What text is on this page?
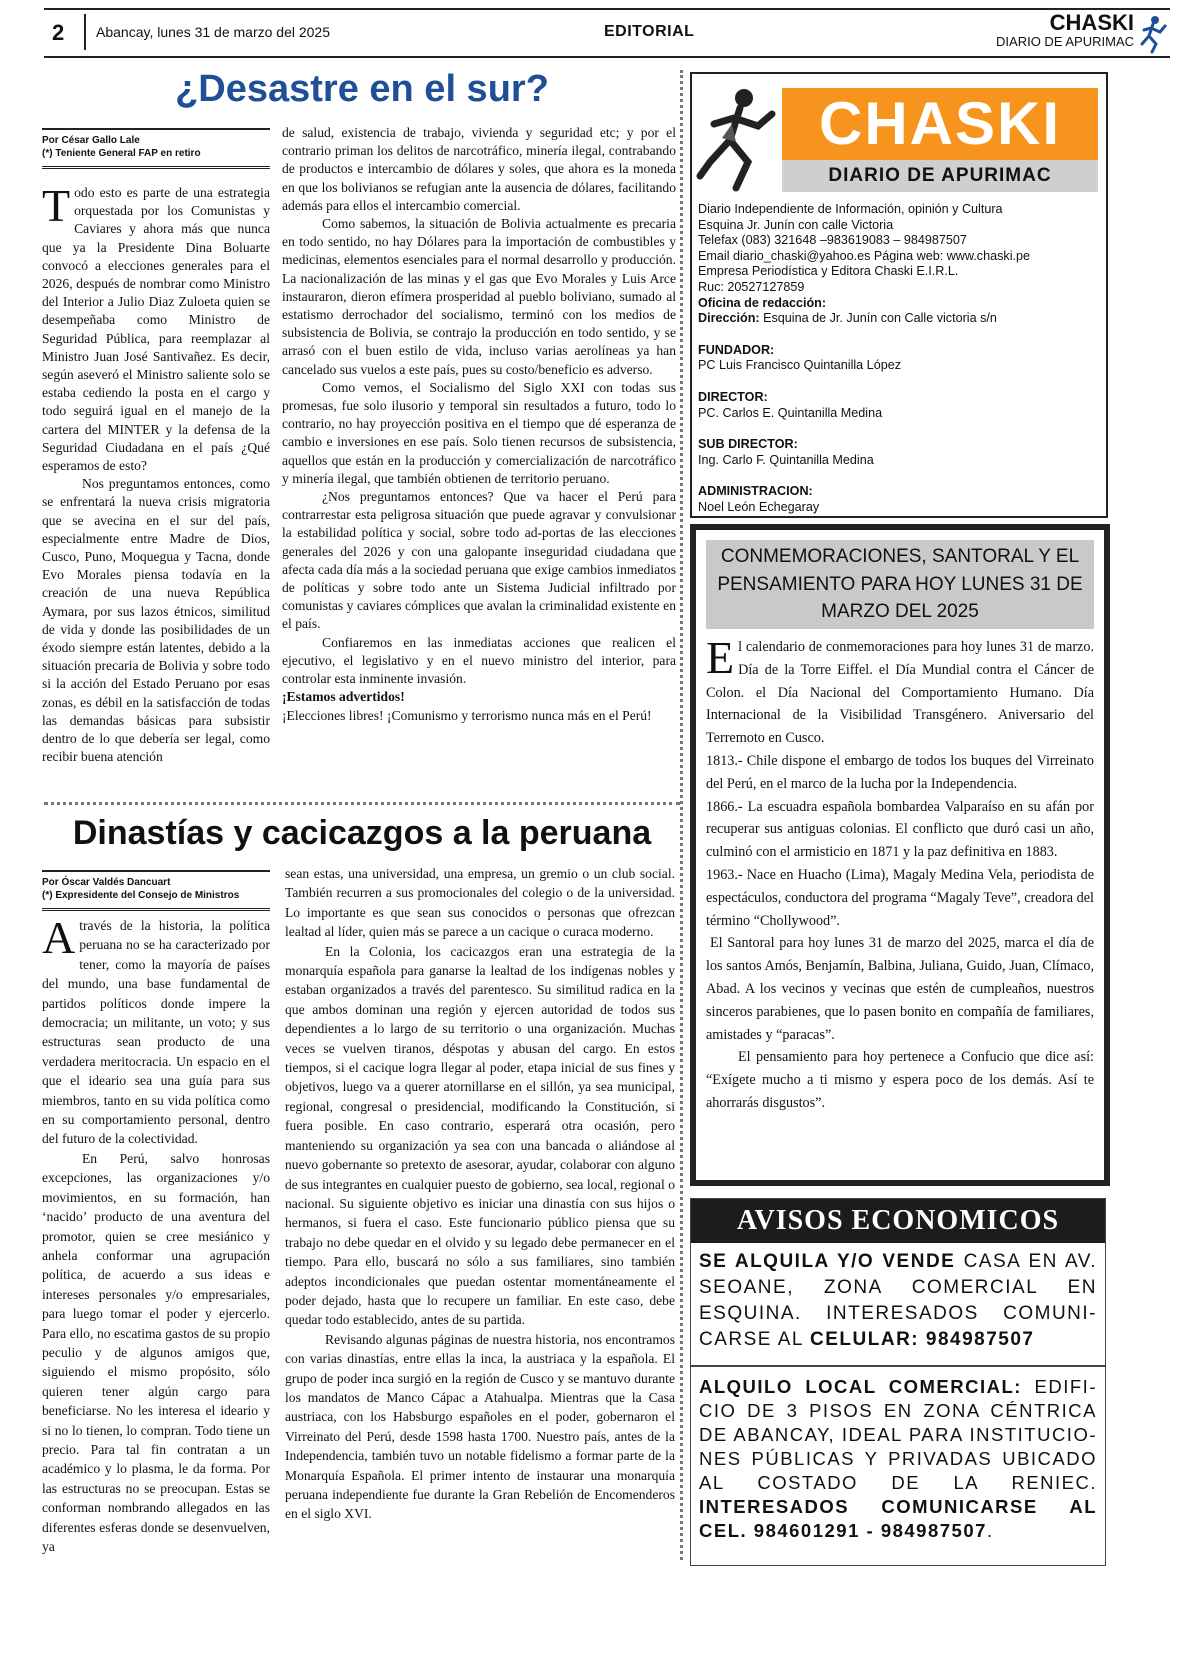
2 Abancay, lunes 31 de marzo del 2025	EDITORIAL	CHASKI
DIARIO DE APURIMAC
¿Desastre en el sur?
Por César Gallo Lale
(*) Teniente General FAP en retiro

Todo esto es parte de una estrategia orquestada por los Comunistas y Caviares y ahora más que nunca que ya la Presidente Dina Boluarte convocó a elecciones generales para el 2026, después de nombrar como Ministro del Interior a Julio Diaz Zuloeta quien se desempeñaba como Ministro de Seguridad Pública, para reemplazar al Ministro Juan José Santivañez. Es decir, según aseveró el Ministro saliente solo se estaba cediendo la posta en el cargo y todo seguirá igual en el manejo de la cartera del MINTER y la defensa de la Seguridad Ciudadana en el país ¿Qué esperamos de esto?

Nos preguntamos entonces, como se enfrentará la nueva crisis migratoria que se avecina en el sur del país, especialmente entre Madre de Dios, Cusco, Puno, Moquegua y Tacna, donde Evo Morales piensa todavía en la creación de una nueva República Aymara, por sus lazos étnicos, similitud de vida y donde las posibilidades de un éxodo siempre están latentes, debido a la situación precaria de Bolivia y sobre todo si la acción del Estado Peruano por esas zonas, es débil en la satisfacción de todas las demandas básicas para subsistir dentro de lo que debería ser legal, como recibir buena atención

de salud, existencia de trabajo, vivienda y seguridad etc; y por el contrario priman los delitos de narcotráfico, minería ilegal, contrabando de productos e intercambio de dólares y soles, que ahora es la moneda en que los bolivianos se refugian ante la ausencia de dólares, facilitando además para ellos el intercambio comercial.

Como sabemos, la situación de Bolivia actualmente es precaria en todo sentido, no hay Dólares para la importación de combustibles y medicinas, elementos esenciales para el normal desarrollo y producción. La nacionalización de las minas y el gas que Evo Morales y Luis Arce instauraron, dieron efímera prosperidad al pueblo boliviano, sumado al estatismo derrochador del socialismo, terminó con los medios de subsistencia de Bolivia, se contrajo la producción en todo sentido, y se arrasó con el buen estilo de vida, incluso varias aerolíneas ya han cancelado sus vuelos a este país, pues su costo/beneficio es adverso.

Como vemos, el Socialismo del Siglo XXI con todas sus promesas, fue solo ilusorio y temporal sin resultados a futuro, todo lo contrario, no hay proyección positiva en el tiempo que dé esperanza de cambio e inversiones en ese país. Solo tienen recursos de subsistencia, aquellos que están en la producción y comercialización de narcotráfico y minería ilegal, que también obtienen de territorio peruano.

¿Nos preguntamos entonces? Que va hacer el Perú para contrarrestar esta peligrosa situación que puede agravar y convulsionar la estabilidad política y social, sobre todo ad-portas de las elecciones generales del 2026 y con una galopante inseguridad ciudadana que afecta cada día más a la sociedad peruana que exige cambios inmediatos de políticas y sobre todo ante un Sistema Judicial infiltrado por comunistas y caviares cómplices que avalan la criminalidad existente en el país.

Confiaremos en las inmediatas acciones que realicen el ejecutivo, el legislativo y en el nuevo ministro del interior, para controlar esta inminente invasión.

¡Estamos advertidos!

¡Elecciones libres! ¡Comunismo y terrorismo nunca más en el Perú!

Dinastías y cacicazgos a la peruana
Por Óscar Valdés Dancuart
(*) Expresidente del Consejo de Ministros

Através de la historia, la política peruana no se ha caracterizado por tener, como la mayoría de países del mundo, una base fundamental de partidos políticos donde impere la democracia; un militante, un voto; y sus estructuras sean producto de una verdadera meritocracia. Un espacio en el que el ideario sea una guía para sus miembros, tanto en su vida política como en su comportamiento personal, dentro del futuro de la colectividad.

En Perú, salvo honrosas excepciones, las organizaciones y/o movimientos, en su formación, han ‘nacido’ producto de una aventura del promotor, quien se cree mesiánico y anhela conformar una agrupación política, de acuerdo a sus ideas e intereses personales y/o empresariales, para luego tomar el poder y ejercerlo. Para ello, no escatima gastos de su propio peculio y de algunos amigos que, siguiendo el mismo propósito, sólo quieren tener algún cargo para beneficiarse. No les interesa el ideario y si no lo tienen, lo compran. Todo tiene un precio. Para tal fin contratan a un académico y lo plasma, le da forma. Por las estructuras no se preocupan. Estas se conforman nombrando allegados en las diferentes esferas donde se desenvuelven, ya

sean estas, una universidad, una empresa, un gremio o un club social. También recurren a sus promocionales del colegio o de la universidad. Lo importante es que sean sus conocidos o personas que ofrezcan lealtad al líder, quien más se parece a un cacique o curaca moderno.

En la Colonia, los cacicazgos eran una estrategia de la monarquía española para ganarse la lealtad de los indígenas nobles y estaban organizados a través del parentesco. Su similitud radica en la que ambos dominan una región y ejercen autoridad de todos sus dependientes a lo largo de su territorio o una organización. Muchas veces se vuelven tiranos, déspotas y abusan del cargo. En estos tiempos, si el cacique logra llegar al poder, etapa inicial de sus fines y objetivos, luego va a querer atornillarse en el sillón, ya sea municipal, regional, congresal o presidencial, modificando la Constitución, si fuera posible. En caso contrario, esperará otra ocasión, pero manteniendo su organización ya sea con una bancada o aliándose al nuevo gobernante so pretexto de asesorar, ayudar, colaborar con alguno de sus integrantes en cualquier puesto de gobierno, sea local, regional o nacional. Su siguiente objetivo es iniciar una dinastía con sus hijos o hermanos, si fuera el caso. Este funcionario público piensa que su trabajo no debe quedar en el olvido y su legado debe permanecer en el tiempo. Para ello, buscará no sólo a sus familiares, sino también adeptos incondicionales que puedan ostentar momentáneamente el poder dejado, hasta que lo recupere un familiar. En este caso, debe quedar todo establecido, antes de su partida.

Revisando algunas páginas de nuestra historia, nos encontramos con varias dinastías, entre ellas la inca, la austriaca y la española. El grupo de poder inca surgió en la región de Cusco y se mantuvo durante los mandatos de Manco Cápac a Atahualpa. Mientras que la Casa austriaca, con los Habsburgo españoles en el poder, gobernaron el Virreinato del Perú, desde 1598 hasta 1700. Nuestro país, antes de la Independencia, también tuvo un notable fidelismo a formar parte de la Monarquía Española. El primer intento de instaurar una monarquía peruana independiente fue durante la Gran Rebelión de Encomenderos en el siglo XVI.

CHASKI
DIARIO DE APURIMAC
Diario Independiente de Información, opinión y Cultura
Esquina Jr. Junín con calle Victoria
Telefax (083) 321648 –983619083 – 984987507
Email diario_chaski@yahoo.es Página web: www.chaski.pe
Empresa Periodística y Editora Chaski E.I.R.L.
Ruc: 20527127859
Oficina de redacción:
Dirección: Esquina de Jr. Junín con Calle victoria s/n
FUNDADOR:
PC Luis Francisco Quintanilla López
DIRECTOR:
PC. Carlos E. Quintanilla Medina
SUB DIRECTOR:
Ing. Carlo F. Quintanilla Medina
ADMINISTRACION:
Noel León Echegaray
CONMEMORACIONES, SANTORAL Y EL PENSAMIENTO PARA HOY LUNES 31 DE MARZO DEL 2025

El calendario de conmemoraciones para hoy lunes 31 de marzo. Día de la Torre Eiffel. el Día Mundial contra el Cáncer de Colon. el Día Nacional del Comportamiento Humano. Día Internacional de la Visibilidad Transgénero. Aniversario del Terremoto en Cusco.

1813.- Chile dispone el embargo de todos los buques del Virreinato del Perú, en el marco de la lucha por la Independencia.

1866.- La escuadra española bombardea Valparaíso en su afán por recuperar sus antiguas colonias. El conflicto que duró casi un año, culminó con el armisticio en 1871 y la paz definitiva en 1883.

1963.- Nace en Huacho (Lima), Magaly Medina Vela, periodista de espectáculos, conductora del programa “Magaly Teve”, creadora del término “Chollywood”.

El Santoral para hoy lunes 31 de marzo del 2025, marca el día de los santos Amós, Benjamín, Balbina, Juliana, Guido, Juan, Clímaco, Abad. A los vecinos y vecinas que estén de cumpleaños, nuestros sinceros parabienes, que lo pasen bonito en compañía de familiares, amistades y “paracas”.

El pensamiento para hoy pertenece a Confucio que dice así: “Exígete mucho a ti mismo y espera poco de los demás. Así te ahorrarás disgustos”.

AVISOS ECONOMICOS
SE ALQUILA Y/O VENDE CASA EN AV. SEOANE, ZONA COMERCIAL EN ESQUINA. INTERESADOS COMUNI-CARSE AL CELULAR: 984987507
ALQUILO LOCAL COMERCIAL: EDIFI-CIO DE 3 PISOS EN ZONA CÉNTRICA DE ABANCAY, IDEAL PARA INSTITUCIO-NES PÚBLICAS Y PRIVADAS UBICADO AL COSTADO DE LA RENIEC. INTERESADOS COMUNICARSE AL CEL. 984601291 - 984987507.
